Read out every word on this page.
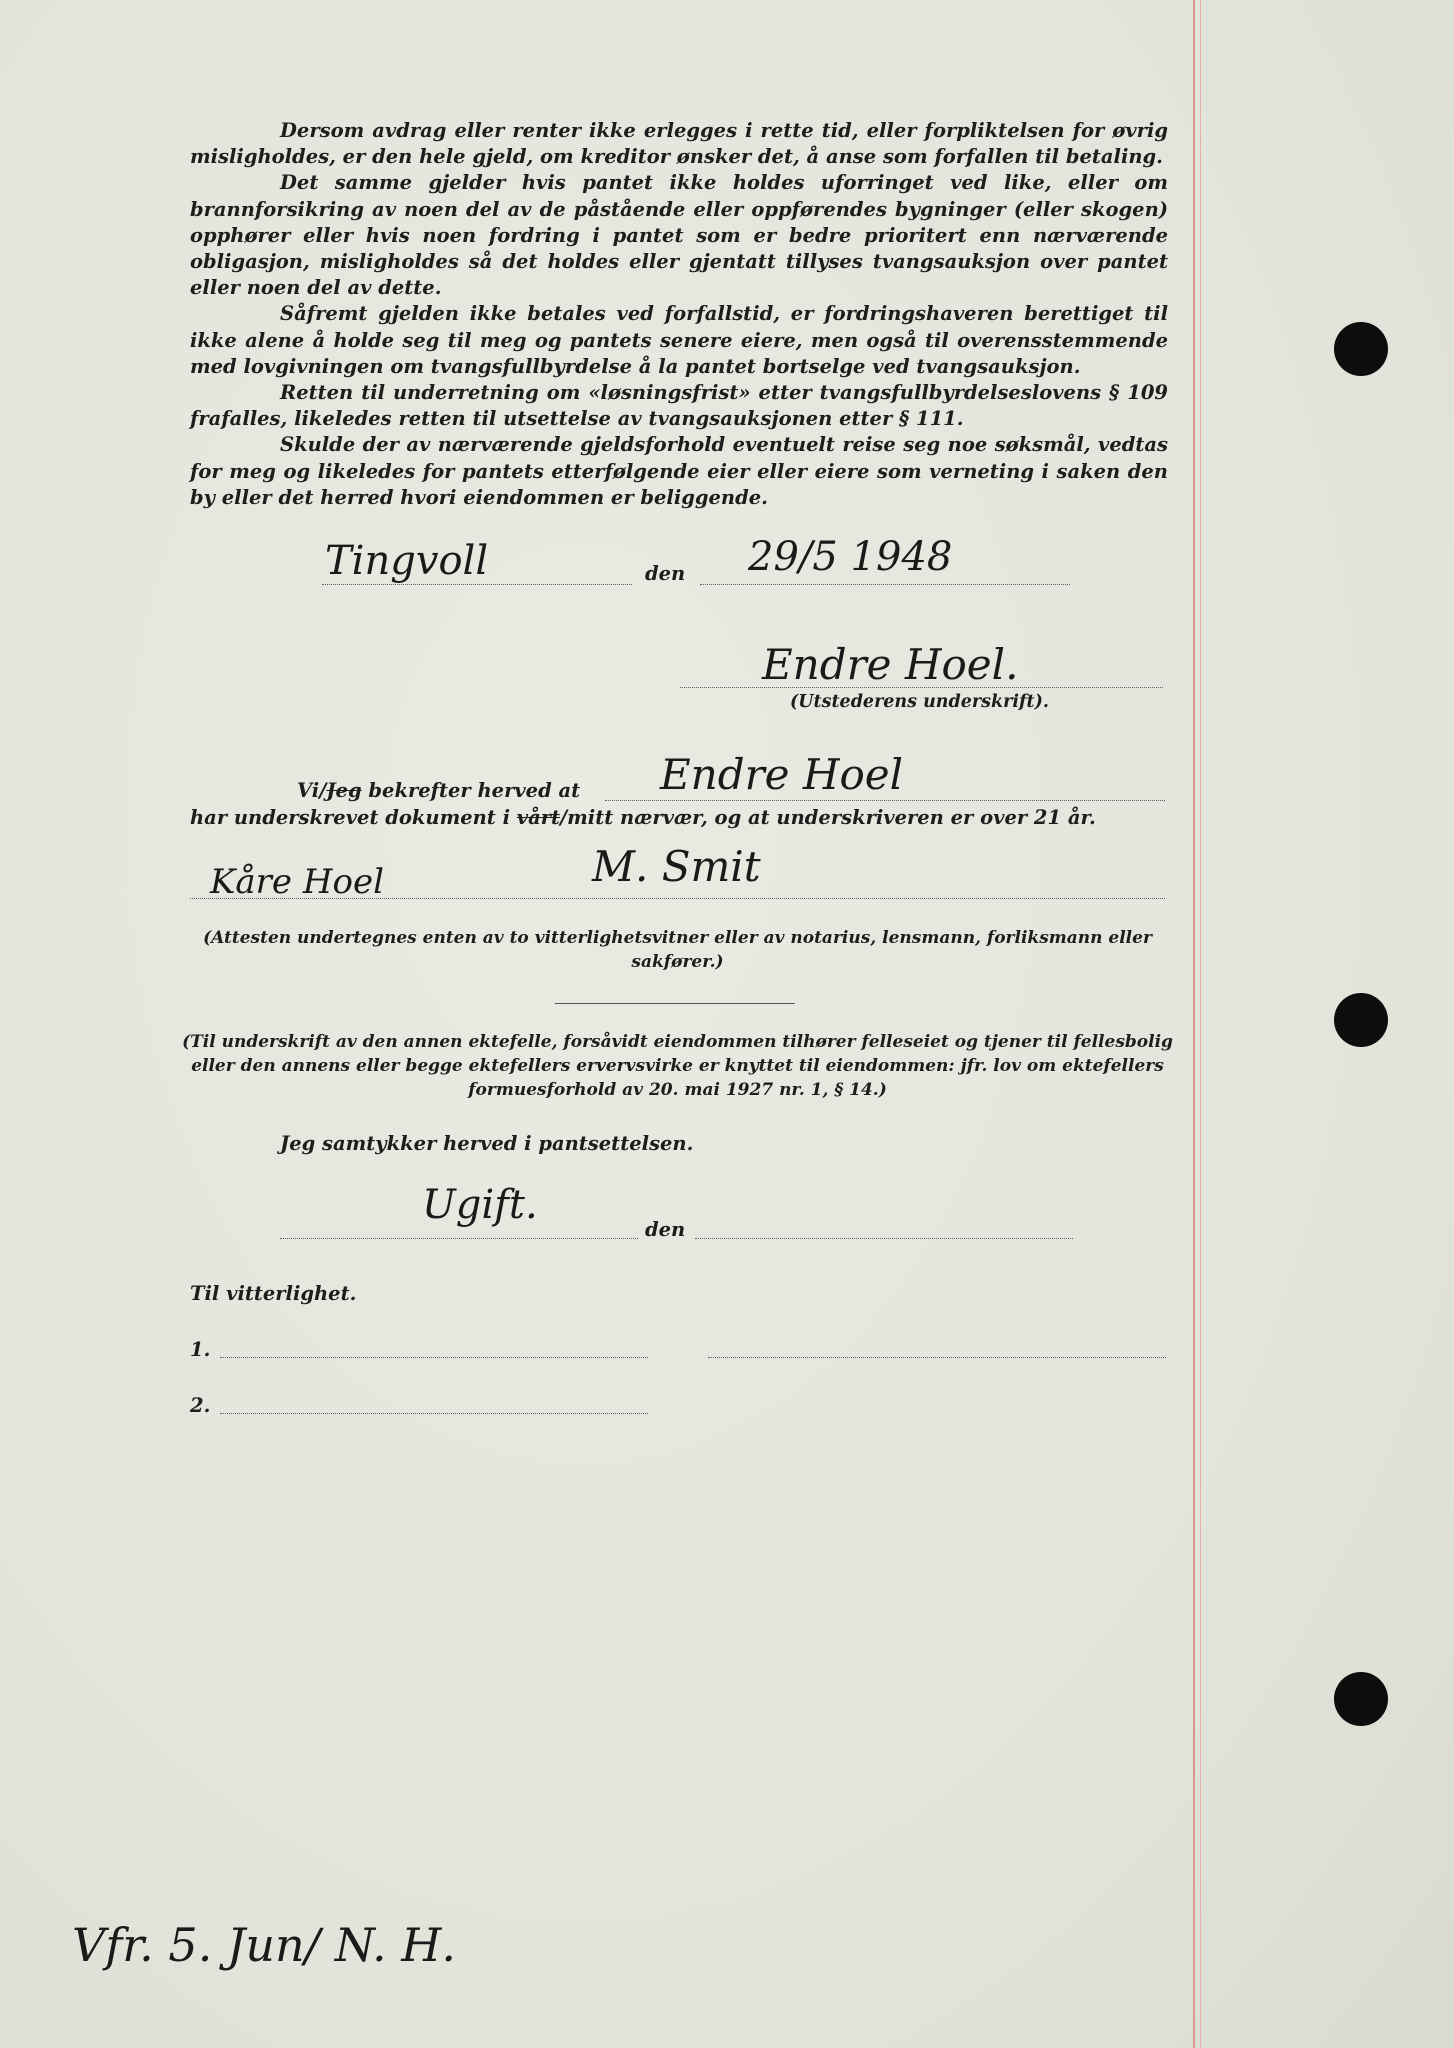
Dersom avdrag eller renter ikke erlegges i rette tid, eller forpliktelsen for øvrig misligholdes, er den hele gjeld, om kreditor ønsker det, å anse som forfallen til betaling.

Det samme gjelder hvis pantet ikke holdes uforringet ved like, eller om brannforsikring av noen del av de påstående eller oppførendes bygninger (eller skogen) opphører eller hvis noen fordring i pantet som er bedre prioritert enn nærværende obligasjon, misligholdes så det holdes eller gjentatt tillyses tvangsauksjon over pantet eller noen del av dette.

Såfremt gjelden ikke betales ved forfallstid, er fordringshaveren berettiget til ikke alene å holde seg til meg og pantets senere eiere, men også til overensstemmende med lovgivningen om tvangsfullbyrdelse å la pantet bortselge ved tvangsauksjon.

Retten til underretning om «løsningsfrist» etter tvangsfullbyrdelseslovens § 109 frafalles, likeledes retten til utsettelse av tvangsauksjonen etter § 111.

Skulde der av nærværende gjeldsforhold eventuelt reise seg noe søksmål, vedtas for meg og likeledes for pantets etterfølgende eier eller eiere som verneting i saken den by eller det herred hvori eiendommen er beliggende.

Tingvoll	den 29/5 1948
Endre Hoel.
(Utstederens underskrift).
Vi/Jeg bekrefter herved at Endre Hoel
har underskrevet dokument i vårt/mitt nærvær, og at underskriveren er over 21 år.
Kåre Hoel	M. Smit
(Attesten undertegnes enten av to vitterlighetsvitner eller av notarius, lensmann, forliksmann eller sakfører.)
(Til underskrift av den annen ektefelle, forsåvidt eiendommen tilhører felleseiet og tjener til fellesbolig eller den annens eller begge ektefellers ervervsvirke er knyttet til eiendommen: jfr. lov om ektefellers formuesforhold av 20. mai 1927 nr. 1, § 14.)
Jeg samtykker herved i pantsettelsen.
Ugift.
den
Til vitterlighet.
1.
2.
Vfr. 5. Jun/ N. H.
